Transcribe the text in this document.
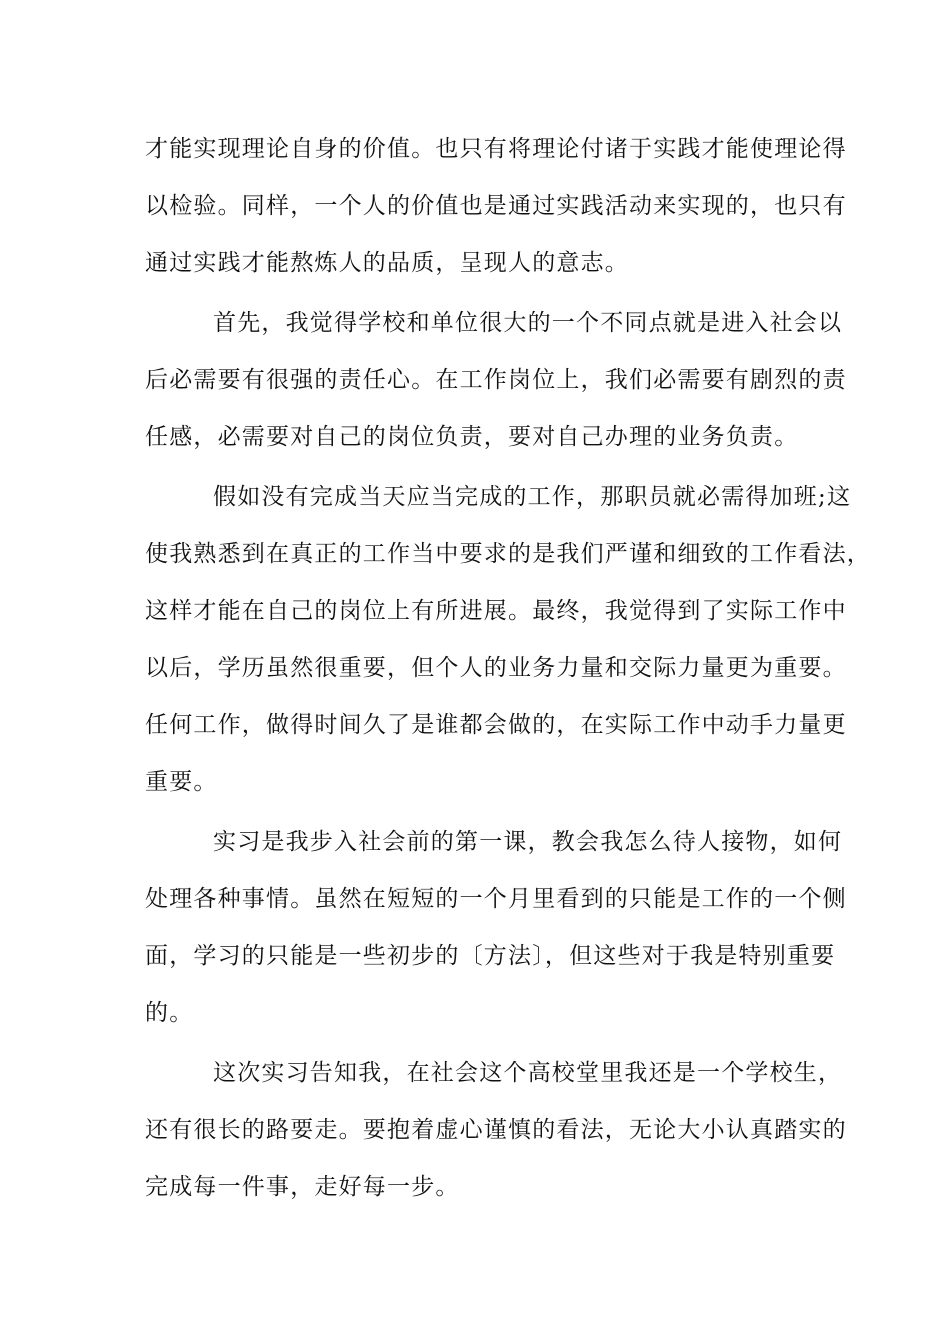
才能实现理论自身的价值。也只有将理论付诸于实践才能使理论得
以检验。同样，一个人的价值也是通过实践活动来实现的，也只有
通过实践才能熬炼人的品质，呈现人的意志。
首先，我觉得学校和单位很大的一个不同点就是进入社会以
后必需要有很强的责任心。在工作岗位上，我们必需要有剧烈的责
任感，必需要对自己的岗位负责，要对自己办理的业务负责。
假如没有完成当天应当完成的工作，那职员就必需得加班;这
使我熟悉到在真正的工作当中要求的是我们严谨和细致的工作看法，
这样才能在自己的岗位上有所进展。最终，我觉得到了实际工作中
以后，学历虽然很重要，但个人的业务力量和交际力量更为重要。
任何工作，做得时间久了是谁都会做的，在实际工作中动手力量更
重要。
实习是我步入社会前的第一课，教会我怎么待人接物，如何
处理各种事情。虽然在短短的一个月里看到的只能是工作的一个侧
面，学习的只能是一些初步的〔方法〕，但这些对于我是特别重要
的。
这次实习告知我，在社会这个高校堂里我还是一个学校生，
还有很长的路要走。要抱着虚心谨慎的看法，无论大小认真踏实的
完成每一件事，走好每一步。
